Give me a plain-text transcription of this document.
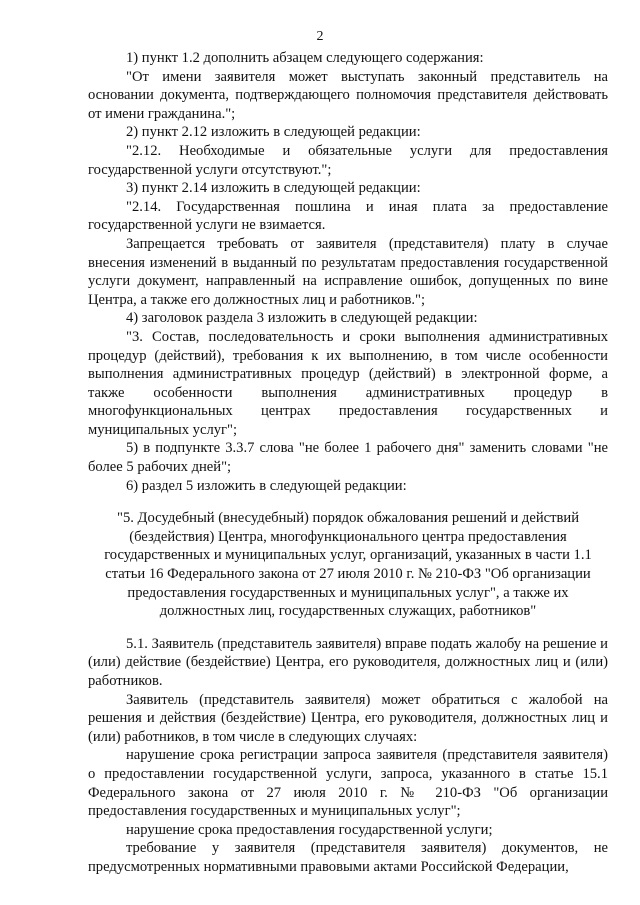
2

1) пункт 1.2 дополнить абзацем следующего содержания:

"От имени заявителя может выступать законный представитель на основании документа, подтверждающего полномочия представителя действовать от имени гражданина.";

2) пункт 2.12 изложить в следующей редакции:

"2.12. Необходимые и обязательные услуги для предоставления государственной услуги отсутствуют.";

3) пункт 2.14 изложить в следующей редакции:

"2.14. Государственная пошлина и иная плата за предоставление государственной услуги не взимается.

Запрещается требовать от заявителя (представителя) плату в случае внесения изменений в выданный по результатам предоставления государственной услуги документ, направленный на исправление ошибок, допущенных по вине Центра, а также его должностных лиц и работников.";

4) заголовок раздела 3 изложить в следующей редакции:

"3. Состав, последовательность и сроки выполнения административных процедур (действий), требования к их выполнению, в том числе особенности выполнения административных процедур (действий) в электронной форме, а также особенности выполнения административных процедур в многофункциональных центрах предоставления государственных и муниципальных услуг";

5) в подпункте 3.3.7 слова "не более 1 рабочего дня" заменить словами "не более 5 рабочих дней";

6) раздел 5 изложить в следующей редакции:

"5. Досудебный (внесудебный) порядок обжалования решений и действий (бездействия) Центра, многофункционального центра предоставления государственных и муниципальных услуг, организаций, указанных в части 1.1 статьи 16 Федерального закона от 27 июля 2010 г. № 210-ФЗ "Об организации предоставления государственных и муниципальных услуг", а также их должностных лиц, государственных служащих, работников"

5.1. Заявитель (представитель заявителя) вправе подать жалобу на решение и (или) действие (бездействие) Центра, его руководителя, должностных лиц и (или) работников.

Заявитель (представитель заявителя) может обратиться с жалобой на решения и действия (бездействие) Центра, его руководителя, должностных лиц и (или) работников, в том числе в следующих случаях:

нарушение срока регистрации запроса заявителя (представителя заявителя) о предоставлении государственной услуги, запроса, указанного в статье 15.1 Федерального закона от 27 июля 2010 г. № 210-ФЗ "Об организации предоставления государственных и муниципальных услуг";

нарушение срока предоставления государственной услуги;

требование у заявителя (представителя заявителя) документов, не предусмотренных нормативными правовыми актами Российской Федерации,
